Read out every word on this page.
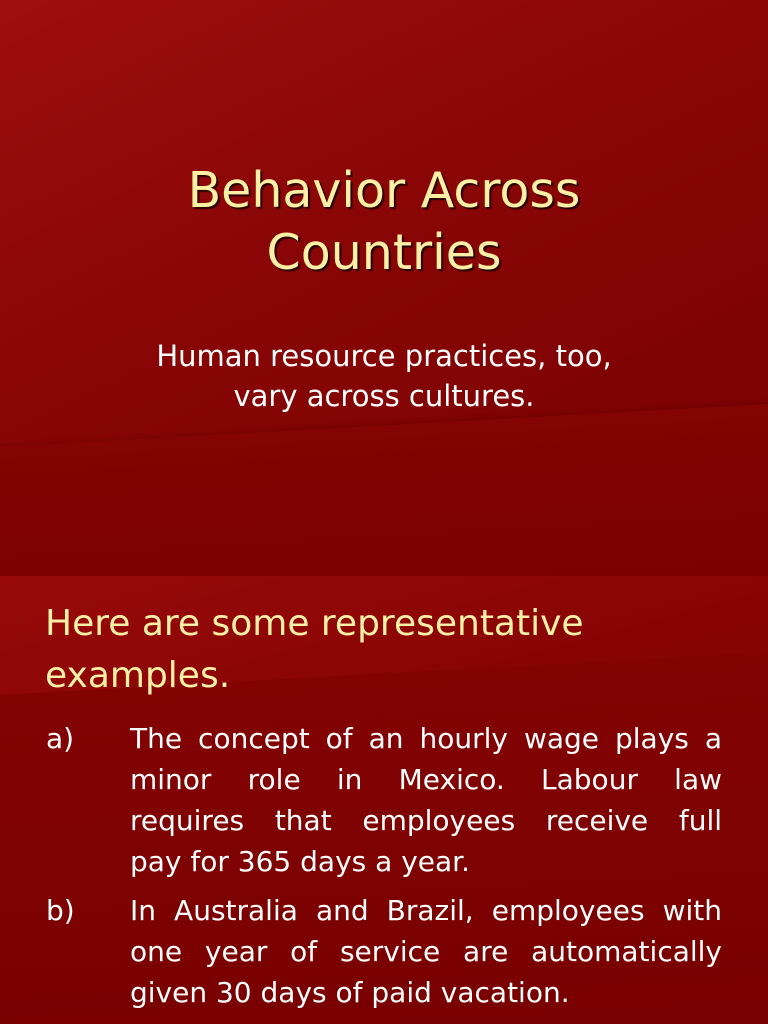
Behavior Across
Countries
Human resource practices, too,
vary across cultures.
Here are some representative
examples.
a)	The concept of an hourly wage plays a
minor role in Mexico. Labour law
requires that employees receive full
pay for 365 days a year.
b)	In Australia and Brazil, employees with
one year of service are automatically
given 30 days of paid vacation.
